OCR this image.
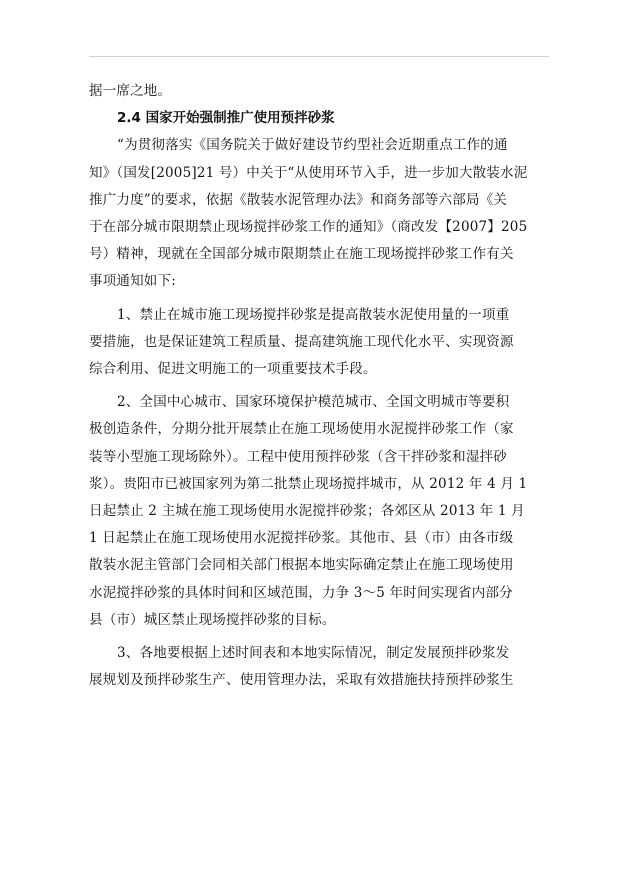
据一席之地。
2.4 国家开始强制推广使用预拌砂浆
“为贯彻落实《国务院关于做好建设节约型社会近期重点工作的通
知》（国发[2005]21 号）中关于“从使用环节入手，进一步加大散装水泥
推广力度”的要求，依据《散装水泥管理办法》和商务部等六部局《关
于在部分城市限期禁止现场搅拌砂浆工作的通知》（商改发【2007】205
号）精神，现就在全国部分城市限期禁止在施工现场搅拌砂浆工作有关
事项通知如下:
1、禁止在城市施工现场搅拌砂浆是提高散装水泥使用量的一项重
要措施，也是保证建筑工程质量、提高建筑施工现代化水平、实现资源
综合利用、促进文明施工的一项重要技术手段。
2、全国中心城市、国家环境保护模范城市、全国文明城市等要积
极创造条件，分期分批开展禁止在施工现场使用水泥搅拌砂浆工作（家
装等小型施工现场除外）。工程中使用预拌砂浆（含干拌砂浆和湿拌砂
浆）。贵阳市已被国家列为第二批禁止现场搅拌城市，从 2012 年 4 月 1
日起禁止 2 主城在施工现场使用水泥搅拌砂浆；各郊区从 2013 年 1 月
1 日起禁止在施工现场使用水泥搅拌砂浆。其他市、县（市）由各市级
散装水泥主管部门会同相关部门根据本地实际确定禁止在施工现场使用
水泥搅拌砂浆的具体时间和区域范围，力争 3～5 年时间实现省内部分
县（市）城区禁止现场搅拌砂浆的目标。
3、各地要根据上述时间表和本地实际情况，制定发展预拌砂浆发
展规划及预拌砂浆生产、使用管理办法，采取有效措施扶持预拌砂浆生
